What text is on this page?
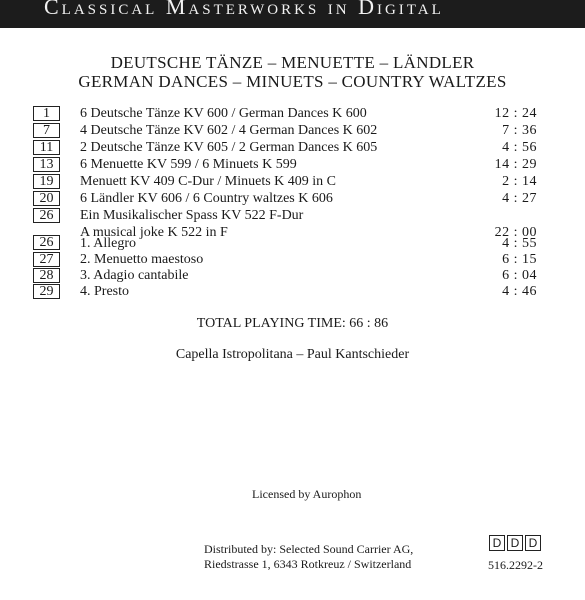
Classical Masterworks in Digital
DEUTSCHE TÄNZE – MENUETTE – LÄNDLER
GERMAN DANCES – MINUETS – COUNTRY WALTZES
1	6 Deutsche Tänze KV 600 / German Dances K 600	12 : 24
7	4 Deutsche Tänze KV 602 / 4 German Dances K 602	7 : 36
11	2 Deutsche Tänze KV 605 / 2 German Dances K 605	4 : 56
13	6 Menuette KV 599 / 6 Minuets K 599	14 : 29
19	Menuett KV 409 C-Dur / Minuets K 409 in C	2 : 14
20	6 Ländler KV 606 / 6 Country waltzes K 606	4 : 27
26	Ein Musikalischer Spass KV 522 F-Dur
A musical joke K 522 in F	22 : 00
26	1. Allegro	4 : 55
27	2. Menuetto maestoso	6 : 15
28	3. Adagio cantabile	6 : 04
29	4. Presto	4 : 46
TOTAL PLAYING TIME: 66 : 86
Capella Istropolitana – Paul Kantschieder
Licensed by Aurophon
Distributed by: Selected Sound Carrier AG,
Riedstrasse 1, 6343 Rotkreuz / Switzerland
D D D
516.2292-2
